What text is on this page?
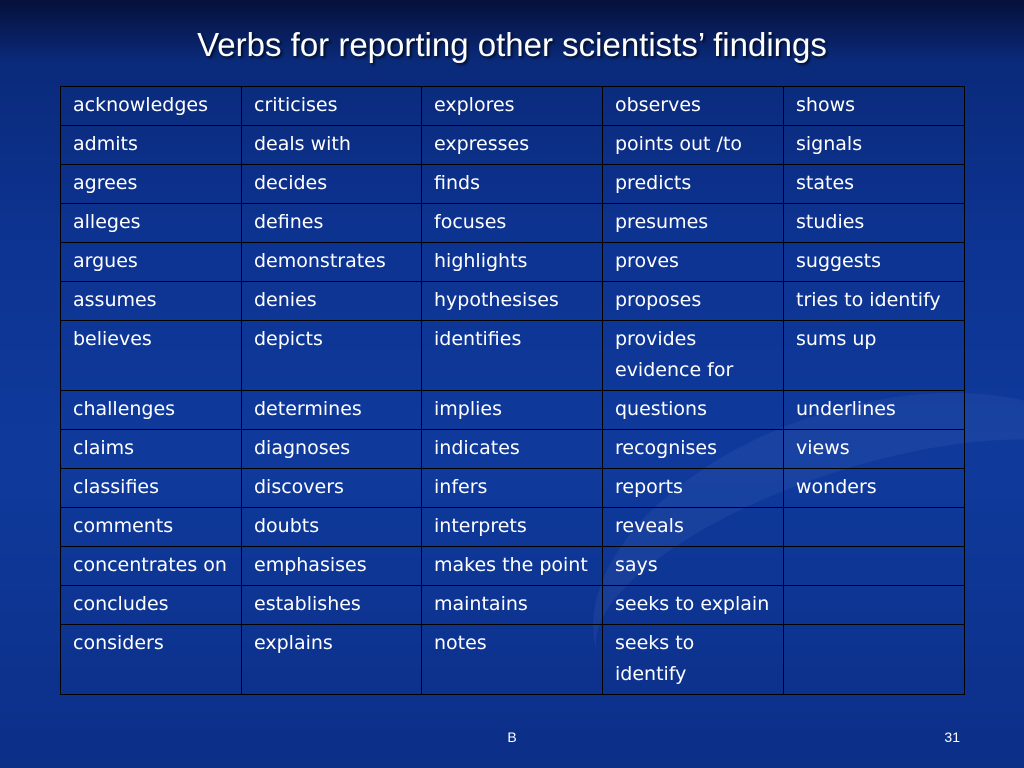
Verbs for reporting other scientists’ findings
acknowledges	criticises	explores	observes	shows
admits	deals with	expresses	points out /to	signals
agrees	decides	finds	predicts	states
alleges	defines	focuses	presumes	studies
argues	demonstrates	highlights	proves	suggests
assumes	denies	hypothesises	proposes	tries to identify
believes	depicts	identifies	provides evidence for	sums up
challenges	determines	implies	questions	underlines
claims	diagnoses	indicates	recognises	views
classifies	discovers	infers	reports	wonders
comments	doubts	interprets	reveals	
concentrates on	emphasises	makes the point	says	
concludes	establishes	maintains	seeks to explain	
considers	explains	notes	seeks to identify	
B	31
